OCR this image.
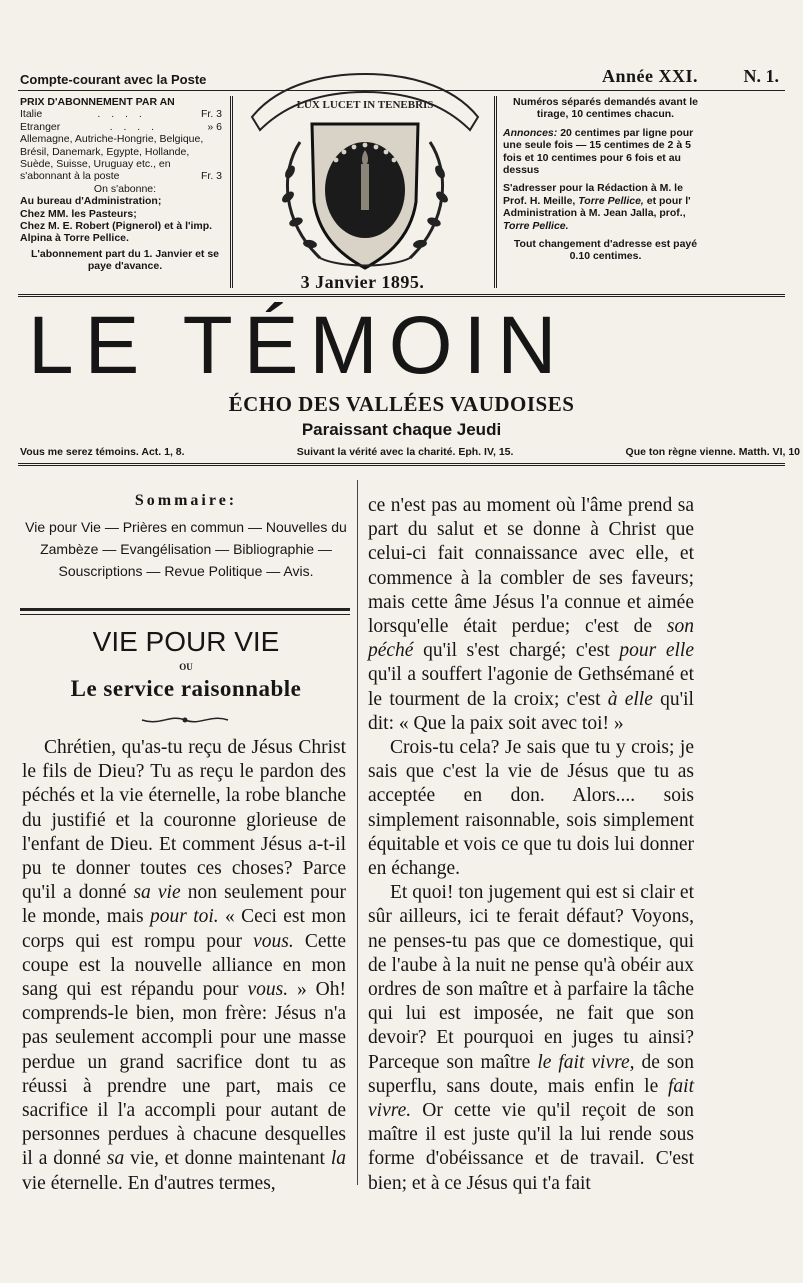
Compte-courant avec la Poste	Année XXI.	N. 1.

PRIX D'ABONNEMENT PAR AN

Italie	. . . .	Fr. 3

Etranger	. . . .	» 6

Allemagne, Autriche-Hongrie, Belgique, Brésil, Danemark, Egypte, Hollande, Suède, Suisse, Uruguay etc., en s'abonnant à la poste	Fr. 3

On s'abonne:

Au bureau d'Administration;

Chez MM. les Pasteurs;

Chez M. E. Robert (Pignerol) et à l'imp. Alpina à Torre Pellice.

L'abonnement part du 1. Janvier et se paye d'avance.

LUX LUCET IN TENEBRIS
3 Janvier 1895.

Numéros séparés demandés avant le tirage, 10 centimes chacun.

Annonces: 20 centimes par ligne pour une seule fois — 15 centimes de 2 à 5 fois et 10 centimes pour 6 fois et au dessus

S'adresser pour la Rédaction à M. le Prof. H. Meille, Torre Pellice, et pour l' Administration à M. Jean Jalla, prof., Torre Pellice.

Tout changement d'adresse est payé 0.10 centimes.

LE TÉMOIN
ÉCHO DES VALLÉES VAUDOISES
Paraissant chaque Jeudi
Vous me serez témoins. Act. 1, 8.	Suivant la vérité avec la charité. Eph. IV, 15.	Que ton règne vienne. Matth. VI, 10
Sommaire:
Vie pour Vie — Prières en commun — Nouvelles du Zambèze — Evangélisation — Bibliographie — Souscriptions — Revue Politique — Avis.
VIE POUR VIE
OU
Le service raisonnable

Chrétien, qu'as-tu reçu de Jésus Christ le fils de Dieu? Tu as reçu le pardon des péchés et la vie éternelle, la robe blanche du justifié et la couronne glorieuse de l'enfant de Dieu. Et comment Jésus a-t-il pu te donner toutes ces choses? Parce qu'il a donné sa vie non seulement pour le monde, mais pour toi. « Ceci est mon corps qui est rompu pour vous. Cette coupe est la nouvelle alliance en mon sang qui est répandu pour vous. » Oh! comprends-le bien, mon frère: Jésus n'a pas seulement accompli pour une masse perdue un grand sacrifice dont tu as réussi à prendre une part, mais ce sacrifice il l'a accompli pour autant de personnes perdues à chacune desquelles il a donné sa vie, et donne maintenant la vie éternelle. En d'autres termes,

ce n'est pas au moment où l'âme prend sa part du salut et se donne à Christ que celui-ci fait connaissance avec elle, et commence à la combler de ses faveurs; mais cette âme Jésus l'a connue et aimée lorsqu'elle était perdue; c'est de son péché qu'il s'est chargé; c'est pour elle qu'il a souffert l'agonie de Gethsémané et le tourment de la croix; c'est à elle qu'il dit: « Que la paix soit avec toi! »

Crois-tu cela? Je sais que tu y crois; je sais que c'est la vie de Jésus que tu as acceptée en don. Alors.... sois simplement raisonnable, sois simplement équitable et vois ce que tu dois lui donner en échange.

Et quoi! ton jugement qui est si clair et sûr ailleurs, ici te ferait défaut? Voyons, ne penses-tu pas que ce domestique, qui de l'aube à la nuit ne pense qu'à obéir aux ordres de son maître et à parfaire la tâche qui lui est imposée, ne fait que son devoir? Et pourquoi en juges tu ainsi? Parceque son maître le fait vivre, de son superflu, sans doute, mais enfin le fait vivre. Or cette vie qu'il reçoit de son maître il est juste qu'il la lui rende sous forme d'obéissance et de travail. C'est bien; et à ce Jésus qui t'a fait
